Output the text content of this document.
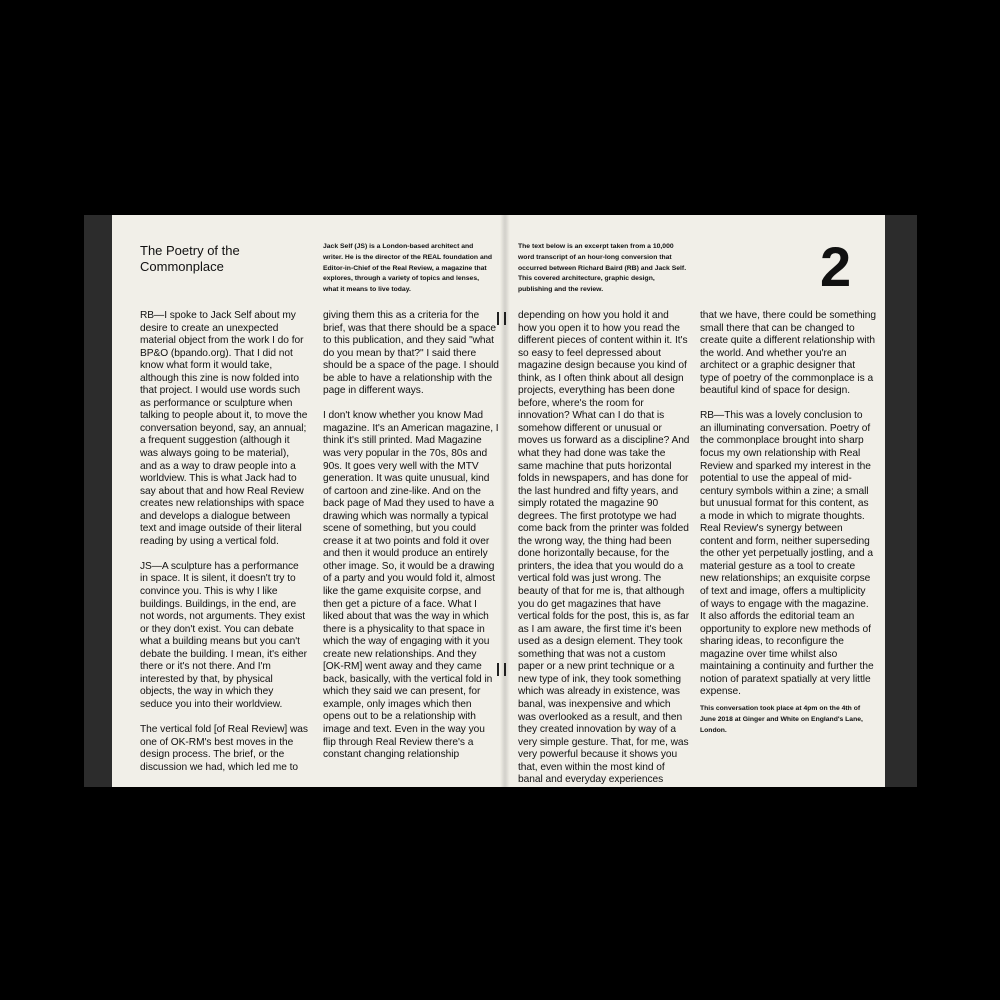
The Poetry of the Commonplace
Jack Self (JS) is a London-based architect and writer. He is the director of the REAL foundation and Editor-in-Chief of the Real Review, a magazine that explores, through a variety of topics and lenses, what it means to live today.

RB—I spoke to Jack Self about my desire to create an unexpected material object from the work I do for BP&O (bpando.org). That I did not know what form it would take, although this zine is now folded into that project. I would use words such as performance or sculpture when talking to people about it, to move the conversation beyond, say, an annual; a frequent suggestion (although it was always going to be material), and as a way to draw people into a worldview. This is what Jack had to say about that and how Real Review creates new relationships with space and develops a dialogue between text and image outside of their literal reading by using a vertical fold.

JS—A sculpture has a performance in space. It is silent, it doesn't try to convince you. This is why I like buildings. Buildings, in the end, are not words, not arguments. They exist or they don't exist. You can debate what a building means but you can't debate the building. I mean, it's either there or it's not there. And I'm interested by that, by physical objects, the way in which they seduce you into their worldview.

The vertical fold [of Real Review] was one of OK-RM's best moves in the design process. The brief, or the discussion we had, which led me to

giving them this as a criteria for the brief, was that there should be a space to this publication, and they said "what do you mean by that?" I said there should be a space of the page. I should be able to have a relationship with the page in different ways.

I don't know whether you know Mad magazine. It's an American magazine, I think it's still printed. Mad Magazine was very popular in the 70s, 80s and 90s. It goes very well with the MTV generation. It was quite unusual, kind of cartoon and zine-like. And on the back page of Mad they used to have a drawing which was normally a typical scene of something, but you could crease it at two points and fold it over and then it would produce an entirely other image. So, it would be a drawing of a party and you would fold it, almost like the game exquisite corpse, and then get a picture of a face. What I liked about that was the way in which there is a physicality to that space in which the way of engaging with it you create new relationships. And they [OK-RM] went away and they came back, basically, with the vertical fold in which they said we can present, for example, only images which then opens out to be a relationship with image and text. Even in the way you flip through Real Review there's a constant changing relationship

The text below is an excerpt taken from a 10,000 word transcript of an hour-long conversion that occurred between Richard Baird (RB) and Jack Self. This covered architecture, graphic design, publishing and the review.	2

depending on how you hold it and how you open it to how you read the different pieces of content within it. It's so easy to feel depressed about magazine design because you kind of think, as I often think about all design projects, everything has been done before, where's the room for innovation? What can I do that is somehow different or unusual or moves us forward as a discipline? And what they had done was take the same machine that puts horizontal folds in newspapers, and has done for the last hundred and fifty years, and simply rotated the magazine 90 degrees. The first prototype we had come back from the printer was folded the wrong way, the thing had been done horizontally because, for the printers, the idea that you would do a vertical fold was just wrong. The beauty of that for me is, that although you do get magazines that have vertical folds for the post, this is, as far as I am aware, the first time it's been used as a design element. They took something that was not a custom paper or a new print technique or a new type of ink, they took something which was already in existence, was banal, was inexpensive and which was overlooked as a result, and then they created innovation by way of a very simple gesture. That, for me, was very powerful because it shows you that, even within the most kind of banal and everyday experiences

that we have, there could be something small there that can be changed to create quite a different relationship with the world. And whether you're an architect or a graphic designer that type of poetry of the commonplace is a beautiful kind of space for design.

RB—This was a lovely conclusion to an illuminating conversation. Poetry of the commonplace brought into sharp focus my own relationship with Real Review and sparked my interest in the potential to use the appeal of mid-century symbols within a zine; a small but unusual format for this content, as a mode in which to migrate thoughts. Real Review's synergy between content and form, neither superseding the other yet perpetually jostling, and a material gesture as a tool to create new relationships; an exquisite corpse of text and image, offers a multiplicity of ways to engage with the magazine. It also affords the editorial team an opportunity to explore new methods of sharing ideas, to reconfigure the magazine over time whilst also maintaining a continuity and further the notion of paratext spatially at very little expense.

This conversation took place at 4pm on the 4th of June 2018 at Ginger and White on England's Lane, London.
